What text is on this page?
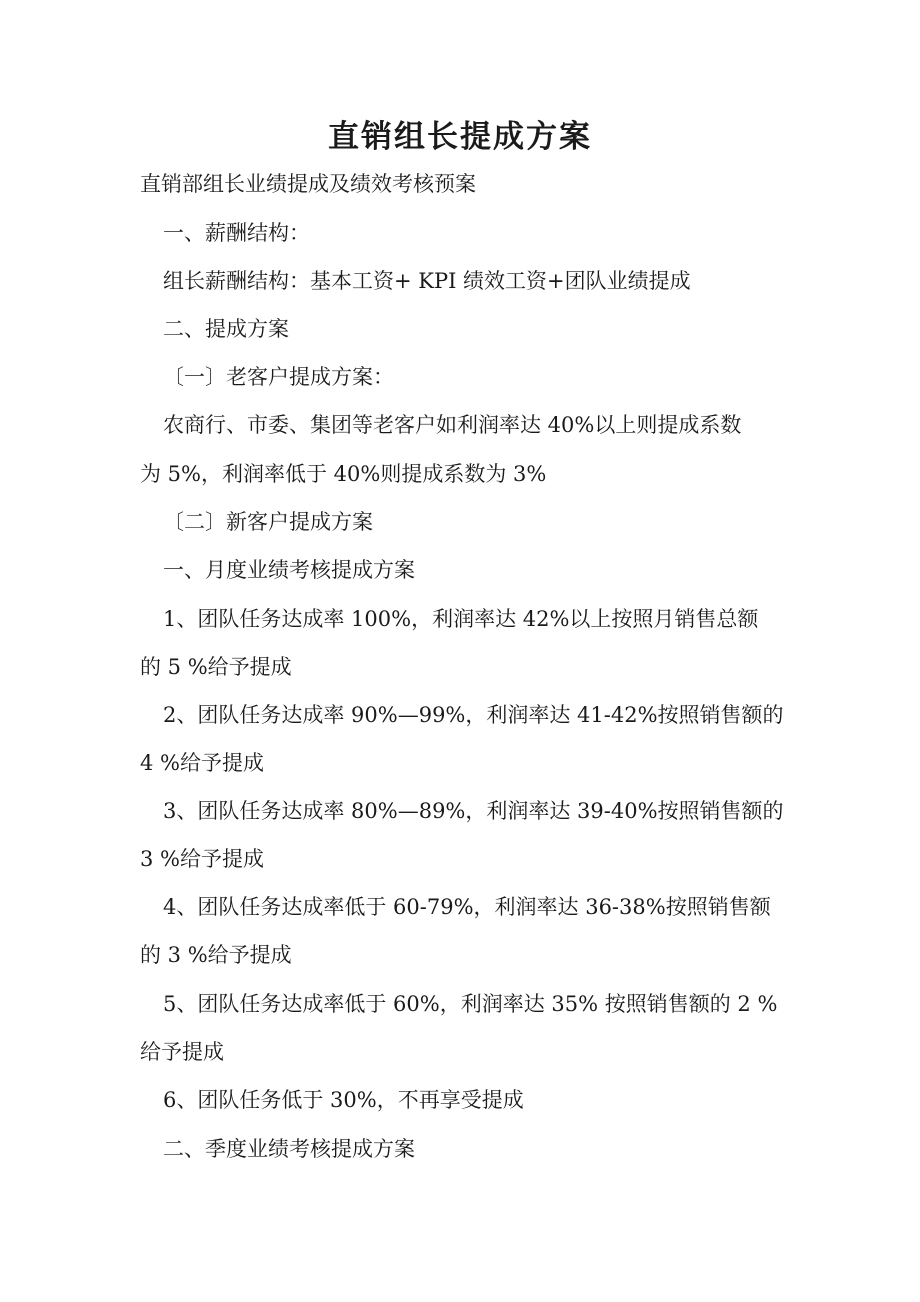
直销组长提成方案
直销部组长业绩提成及绩效考核预案
一、薪酬结构：
组长薪酬结构：基本工资+ KPI 绩效工资+团队业绩提成
二、提成方案
〔一〕老客户提成方案：
农商行、市委、集团等老客户如利润率达 40%以上则提成系数
为 5%，利润率低于 40%则提成系数为 3%
〔二〕新客户提成方案
一、月度业绩考核提成方案
1、团队任务达成率 100%，利润率达 42%以上按照月销售总额
的 5 %给予提成
2、团队任务达成率 90%—99%，利润率达 41-42%按照销售额的
4 %给予提成
3、团队任务达成率 80%—89%，利润率达 39-40%按照销售额的
3 %给予提成
4、团队任务达成率低于 60-79%，利润率达 36-38%按照销售额
的 3 %给予提成
5、团队任务达成率低于 60%，利润率达 35% 按照销售额的 2 %
给予提成
6、团队任务低于 30%，不再享受提成
二、季度业绩考核提成方案
